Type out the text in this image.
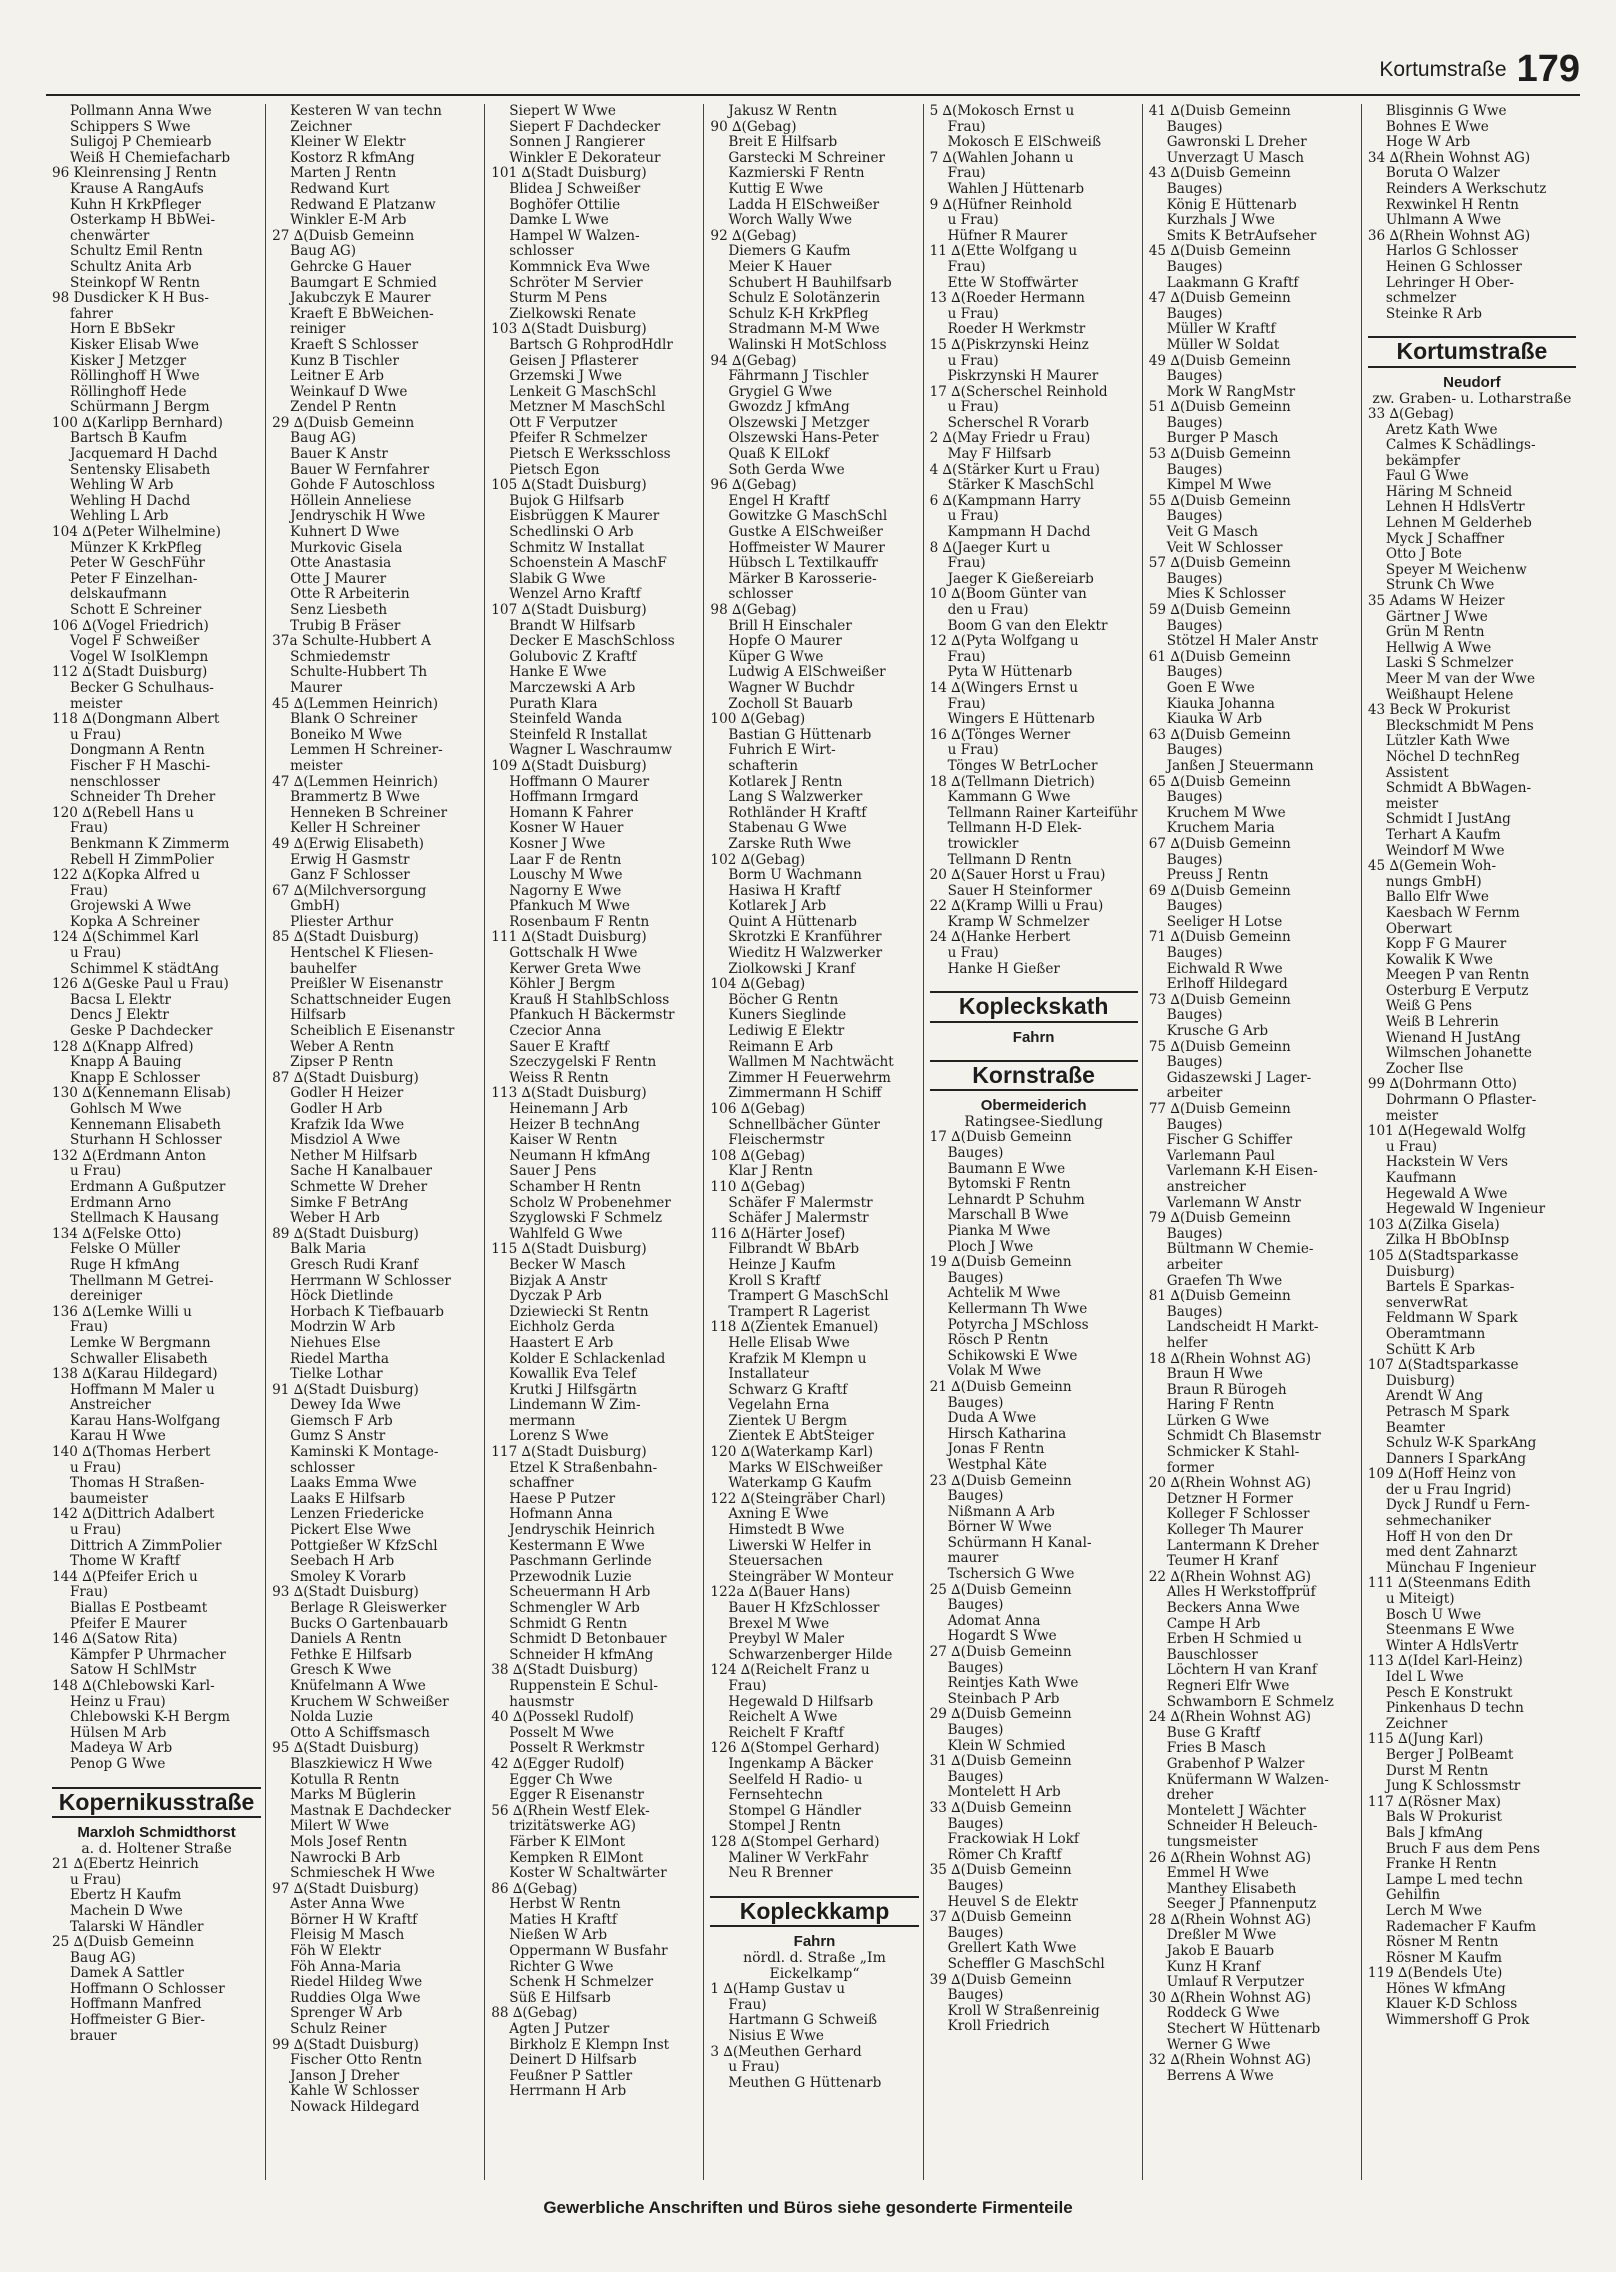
Kortumstraße 179
Pollmann Anna Wwe
Schippers S Wwe
Suligoj P Chemiearb
Weiß H Chemiefacharb
96 Kleinrensing J Rentn
Krause A RangAufs
Kuhn H KrkPfleger
Osterkamp H BbWei-
chenwärter
Schultz Emil Rentn
Schultz Anita Arb
Steinkopf W Rentn
98 Dusdicker K H Bus-
fahrer
Horn E BbSekr
Kisker Elisab Wwe
Kisker J Metzger
Röllinghoff H Wwe
Röllinghoff Hede
Schürmann J Bergm
100 ∆(Karlipp Bernhard)
Bartsch B Kaufm
Jacquemard H Dachd
Sentensky Elisabeth
Wehling W Arb
Wehling H Dachd
Wehling L Arb
104 ∆(Peter Wilhelmine)
Münzer K KrkPfleg
Peter W GeschFühr
Peter F Einzelhan-
delskaufmann
Schott E Schreiner
106 ∆(Vogel Friedrich)
Vogel F Schweißer
Vogel W IsolKlempn
112 ∆(Stadt Duisburg)
Becker G Schulhaus-
meister
118 ∆(Dongmann Albert
u Frau)
Dongmann A Rentn
Fischer F H Maschi-
nenschlosser
Schneider Th Dreher
120 ∆(Rebell Hans u
Frau)
Benkmann K Zimmerm
Rebell H ZimmPolier
122 ∆(Kopka Alfred u
Frau)
Grojewski A Wwe
Kopka A Schreiner
124 ∆(Schimmel Karl
u Frau)
Schimmel K städtAng
126 ∆(Geske Paul u Frau)
Bacsa L Elektr
Dencs J Elektr
Geske P Dachdecker
128 ∆(Knapp Alfred)
Knapp A Bauing
Knapp E Schlosser
130 ∆(Kennemann Elisab)
Gohlsch M Wwe
Kennemann Elisabeth
Sturhann H Schlosser
132 ∆(Erdmann Anton
u Frau)
Erdmann A Gußputzer
Erdmann Arno
Stellmach K Hausang
134 ∆(Felske Otto)
Felske O Müller
Ruge H kfmAng
Thellmann M Getrei-
dereiniger
136 ∆(Lemke Willi u
Frau)
Lemke W Bergmann
Schwaller Elisabeth
138 ∆(Karau Hildegard)
Hoffmann M Maler u
Anstreicher
Karau Hans-Wolfgang
Karau H Wwe
140 ∆(Thomas Herbert
u Frau)
Thomas H Straßen-
baumeister
142 ∆(Dittrich Adalbert
u Frau)
Dittrich A ZimmPolier
Thome W Kraftf
144 ∆(Pfeifer Erich u
Frau)
Biallas E Postbeamt
Pfeifer E Maurer
146 ∆(Satow Rita)
Kämpfer P Uhrmacher
Satow H SchlMstr
148 ∆(Chlebowski Karl-
Heinz u Frau)
Chlebowski K-H Bergm
Hülsen M Arb
Madeya W Arb
Penop G Wwe
Kopernikusstraße
Marxloh Schmidthorst
a. d. Holtener Straße
21 ∆(Ebertz Heinrich
u Frau)
Ebertz H Kaufm
Machein D Wwe
Talarski W Händler
25 ∆(Duisb Gemeinn
Baug AG)
Damek A Sattler
Hoffmann O Schlosser
Hoffmann Manfred
Hoffmeister G Bier-
brauer
Kesteren W van techn
Zeichner
Kleiner W Elektr
Kostorz R kfmAng
Marten J Rentn
Redwand Kurt
Redwand E Platzanw
Winkler E-M Arb
27 ∆(Duisb Gemeinn
Baug AG)
Gehrcke G Hauer
Baumgart E Schmied
Jakubczyk E Maurer
Kraeft E BbWeichen-
reiniger
Kraeft S Schlosser
Kunz B Tischler
Leitner E Arb
Weinkauf D Wwe
Zendel P Rentn
29 ∆(Duisb Gemeinn
Baug AG)
Bauer K Anstr
Bauer W Fernfahrer
Gohde F Autoschloss
Höllein Anneliese
Jendryschik H Wwe
Kuhnert D Wwe
Murkovic Gisela
Otte Anastasia
Otte J Maurer
Otte R Arbeiterin
Senz Liesbeth
Trubig B Fräser
37a Schulte-Hubbert A
Schmiedemstr
Schulte-Hubbert Th
Maurer
45 ∆(Lemmen Heinrich)
Blank O Schreiner
Boneiko M Wwe
Lemmen H Schreiner-
meister
47 ∆(Lemmen Heinrich)
Brammertz B Wwe
Henneken B Schreiner
Keller H Schreiner
49 ∆(Erwig Elisabeth)
Erwig H Gasmstr
Ganz F Schlosser
67 ∆(Milchversorgung
GmbH)
Pliester Arthur
85 ∆(Stadt Duisburg)
Hentschel K Fliesen-
bauhelfer
Preißler W Eisenanstr
Schattschneider Eugen
Hilfsarb
Scheiblich E Eisenanstr
Weber A Rentn
Zipser P Rentn
87 ∆(Stadt Duisburg)
Godler H Heizer
Godler H Arb
Krafzik Ida Wwe
Misdziol A Wwe
Nether M Hilfsarb
Sache H Kanalbauer
Schmette W Dreher
Simke F BetrAng
Weber H Arb
89 ∆(Stadt Duisburg)
Balk Maria
Gresch Rudi Kranf
Herrmann W Schlosser
Höck Dietlinde
Horbach K Tiefbauarb
Modrzin W Arb
Niehues Else
Riedel Martha
Tielke Lothar
91 ∆(Stadt Duisburg)
Dewey Ida Wwe
Giemsch F Arb
Gumz S Anstr
Kaminski K Montage-
schlosser
Laaks Emma Wwe
Laaks E Hilfsarb
Lenzen Friedericke
Pickert Else Wwe
Pottgießer W KfzSchl
Seebach H Arb
Smoley K Vorarb
93 ∆(Stadt Duisburg)
Berlage R Gleiswerker
Bucks O Gartenbauarb
Daniels A Rentn
Fethke E Hilfsarb
Gresch K Wwe
Knüfelmann A Wwe
Kruchem W Schweißer
Nolda Luzie
Otto A Schiffsmasch
95 ∆(Stadt Duisburg)
Blaszkiewicz H Wwe
Kotulla R Rentn
Marks M Büglerin
Mastnak E Dachdecker
Milert W Wwe
Mols Josef Rentn
Nawrocki B Arb
Schmieschek H Wwe
97 ∆(Stadt Duisburg)
Aster Anna Wwe
Börner H W Kraftf
Fleisig M Masch
Föh W Elektr
Föh Anna-Maria
Riedel Hildeg Wwe
Ruddies Olga Wwe
Sprenger W Arb
Schulz Reiner
99 ∆(Stadt Duisburg)
Fischer Otto Rentn
Janson J Dreher
Kahle W Schlosser
Nowack Hildegard
Siepert W Wwe
Siepert F Dachdecker
Sonnen J Rangierer
Winkler E Dekorateur
101 ∆(Stadt Duisburg)
Blidea J Schweißer
Boghöfer Ottilie
Damke L Wwe
Hampel W Walzen-
schlosser
Kommnick Eva Wwe
Schröter M Servier
Sturm M Pens
Zielkowski Renate
103 ∆(Stadt Duisburg)
Bartsch G RohprodHdlr
Geisen J Pflasterer
Grzemski J Wwe
Lenkeit G MaschSchl
Metzner M MaschSchl
Ott F Verputzer
Pfeifer R Schmelzer
Pietsch E Werksschloss
Pietsch Egon
105 ∆(Stadt Duisburg)
Bujok G Hilfsarb
Eisbrüggen K Maurer
Schedlinski O Arb
Schmitz W Installat
Schoenstein A MaschF
Slabik G Wwe
Wenzel Arno Kraftf
107 ∆(Stadt Duisburg)
Brandt W Hilfsarb
Decker E MaschSchloss
Golubovic Z Kraftf
Hanke E Wwe
Marczewski A Arb
Purath Klara
Steinfeld Wanda
Steinfeld R Installat
Wagner L Waschraumw
109 ∆(Stadt Duisburg)
Hoffmann O Maurer
Hoffmann Irmgard
Homann K Fahrer
Kosner W Hauer
Kosner J Wwe
Laar F de Rentn
Louschy M Wwe
Nagorny E Wwe
Pfankuch M Wwe
Rosenbaum F Rentn
111 ∆(Stadt Duisburg)
Gottschalk H Wwe
Kerwer Greta Wwe
Köhler J Bergm
Krauß H StahlbSchloss
Pfankuch H Bäckermstr
Czecior Anna
Sauer E Kraftf
Szeczygelski F Rentn
Weiss R Rentn
113 ∆(Stadt Duisburg)
Heinemann J Arb
Heizer B technAng
Kaiser W Rentn
Neumann H kfmAng
Sauer J Pens
Schamber H Rentn
Scholz W Probenehmer
Szyglowski F Schmelz
Wahlfeld G Wwe
115 ∆(Stadt Duisburg)
Becker W Masch
Bizjak A Anstr
Dyczak P Arb
Dziewiecki St Rentn
Eichholz Gerda
Haastert E Arb
Kolder E Schlackenlad
Kowallik Eva Telef
Krutki J Hilfsgärtn
Lindemann W Zim-
mermann
Lorenz S Wwe
117 ∆(Stadt Duisburg)
Etzel K Straßenbahn-
schaffner
Haese P Putzer
Hofmann Anna
Jendryschik Heinrich
Kestermann E Wwe
Paschmann Gerlinde
Przewodnik Luzie
Scheuermann H Arb
Schmengler W Arb
Schmidt G Rentn
Schmidt D Betonbauer
Schneider H kfmAng
38 ∆(Stadt Duisburg)
Ruppenstein E Schul-
hausmstr
40 ∆(Possekl Rudolf)
Posselt M Wwe
Posselt R Werkmstr
42 ∆(Egger Rudolf)
Egger Ch Wwe
Egger R Eisenanstr
56 ∆(Rhein Westf Elek-
trizitätswerke AG)
Färber K ElMont
Kempken R ElMont
Koster W Schaltwärter
86 ∆(Gebag)
Herbst W Rentn
Maties H Kraftf
Nießen W Arb
Oppermann W Busfahr
Richter G Wwe
Schenk H Schmelzer
Süß E Hilfsarb
88 ∆(Gebag)
Agten J Putzer
Birkholz E Klempn Inst
Deinert D Hilfsarb
Feußner P Sattler
Herrmann H Arb
Jakusz W Rentn
90 ∆(Gebag)
Breit E Hilfsarb
Garstecki M Schreiner
Kazmierski F Rentn
Kuttig E Wwe
Ladda H ElSchweißer
Worch Wally Wwe
92 ∆(Gebag)
Diemers G Kaufm
Meier K Hauer
Schubert H Bauhilfsarb
Schulz E Solotänzerin
Schulz K-H KrkPfleg
Stradmann M-M Wwe
Walinski H MotSchloss
94 ∆(Gebag)
Fährmann J Tischler
Grygiel G Wwe
Gwozdz J kfmAng
Olszewski J Metzger
Olszewski Hans-Peter
Quaß K ElLokf
Soth Gerda Wwe
96 ∆(Gebag)
Engel H Kraftf
Gowitzke G MaschSchl
Gustke A ElSchweißer
Hoffmeister W Maurer
Hübsch L Textilkauffr
Märker B Karosserie-
schlosser
98 ∆(Gebag)
Brill H Einschaler
Hopfe O Maurer
Küper G Wwe
Ludwig A ElSchweißer
Wagner W Buchdr
Zocholl St Bauarb
100 ∆(Gebag)
Bastian G Hüttenarb
Fuhrich E Wirt-
schafterin
Kotlarek J Rentn
Lang S Walzwerker
Rothländer H Kraftf
Stabenau G Wwe
Zarske Ruth Wwe
102 ∆(Gebag)
Borm U Wachmann
Hasiwa H Kraftf
Kotlarek J Arb
Quint A Hüttenarb
Skrotzki E Kranführer
Wieditz H Walzwerker
Ziolkowski J Kranf
104 ∆(Gebag)
Böcher G Rentn
Kuners Sieglinde
Lediwig E Elektr
Reimann E Arb
Wallmen M Nachtwächt
Zimmer H Feuerwehrm
Zimmermann H Schiff
106 ∆(Gebag)
Schnellbächer Günter
Fleischermstr
108 ∆(Gebag)
Klar J Rentn
110 ∆(Gebag)
Schäfer F Malermstr
Schäfer J Malermstr
116 ∆(Härter Josef)
Filbrandt W BbArb
Heinze J Kaufm
Kroll S Kraftf
Trampert G MaschSchl
Trampert R Lagerist
118 ∆(Zientek Emanuel)
Helle Elisab Wwe
Krafzik M Klempn u
Installateur
Schwarz G Kraftf
Vegelahn Erna
Zientek U Bergm
Zientek E AbtSteiger
120 ∆(Waterkamp Karl)
Marks W ElSchweißer
Waterkamp G Kaufm
122 ∆(Steingräber Charl)
Axning E Wwe
Himstedt B Wwe
Liwerski W Helfer in
Steuersachen
Steingräber W Monteur
122a ∆(Bauer Hans)
Bauer H KfzSchlosser
Brexel M Wwe
Preybyl W Maler
Schwarzenberger Hilde
124 ∆(Reichelt Franz u
Frau)
Hegewald D Hilfsarb
Reichelt A Wwe
Reichelt F Kraftf
126 ∆(Stompel Gerhard)
Ingenkamp A Bäcker
Seelfeld H Radio- u
Fernsehtechn
Stompel G Händler
Stompel J Rentn
128 ∆(Stompel Gerhard)
Maliner W VerkFahr
Neu R Brenner
Kopleckkamp
Fahrn
nördl. d. Straße „Im Eickelkamp“
1 ∆(Hamp Gustav u
Frau)
Hartmann G Schweiß
Nisius E Wwe
3 ∆(Meuthen Gerhard
u Frau)
Meuthen G Hüttenarb
5 ∆(Mokosch Ernst u
Frau)
Mokosch E ElSchweiß
7 ∆(Wahlen Johann u
Frau)
Wahlen J Hüttenarb
9 ∆(Hüfner Reinhold
u Frau)
Hüfner R Maurer
11 ∆(Ette Wolfgang u
Frau)
Ette W Stoffwärter
13 ∆(Roeder Hermann
u Frau)
Roeder H Werkmstr
15 ∆(Piskrzynski Heinz
u Frau)
Piskrzynski H Maurer
17 ∆(Scherschel Reinhold
u Frau)
Scherschel R Vorarb
2 ∆(May Friedr u Frau)
May F Hilfsarb
4 ∆(Stärker Kurt u Frau)
Stärker K MaschSchl
6 ∆(Kampmann Harry
u Frau)
Kampmann H Dachd
8 ∆(Jaeger Kurt u
Frau)
Jaeger K Gießereiarb
10 ∆(Boom Günter van
den u Frau)
Boom G van den Elektr
12 ∆(Pyta Wolfgang u
Frau)
Pyta W Hüttenarb
14 ∆(Wingers Ernst u
Frau)
Wingers E Hüttenarb
16 ∆(Tönges Werner
u Frau)
Tönges W BetrLocher
18 ∆(Tellmann Dietrich)
Kammann G Wwe
Tellmann Rainer Karteiführ
Tellmann H-D Elek-
trowickler
Tellmann D Rentn
20 ∆(Sauer Horst u Frau)
Sauer H Steinformer
22 ∆(Kramp Willi u Frau)
Kramp W Schmelzer
24 ∆(Hanke Herbert
u Frau)
Hanke H Gießer
Kopleckskath
Fahrn
Kornstraße
Obermeiderich
Ratingsee-Siedlung
17 ∆(Duisb Gemeinn
Bauges)
Baumann E Wwe
Bytomski F Rentn
Lehnardt P Schuhm
Marschall B Wwe
Pianka M Wwe
Ploch J Wwe
19 ∆(Duisb Gemeinn
Bauges)
Achtelik M Wwe
Kellermann Th Wwe
Potyrcha J MSchloss
Rösch P Rentn
Schikowski E Wwe
Volak M Wwe
21 ∆(Duisb Gemeinn
Bauges)
Duda A Wwe
Hirsch Katharina
Jonas F Rentn
Westphal Käte
23 ∆(Duisb Gemeinn
Bauges)
Nißmann A Arb
Börner W Wwe
Schürmann H Kanal-
maurer
Tschersich G Wwe
25 ∆(Duisb Gemeinn
Bauges)
Adomat Anna
Hogardt S Wwe
27 ∆(Duisb Gemeinn
Bauges)
Reintjes Kath Wwe
Steinbach P Arb
29 ∆(Duisb Gemeinn
Bauges)
Klein W Schmied
31 ∆(Duisb Gemeinn
Bauges)
Montelett H Arb
33 ∆(Duisb Gemeinn
Bauges)
Frackowiak H Lokf
Römer Ch Kraftf
35 ∆(Duisb Gemeinn
Bauges)
Heuvel S de Elektr
37 ∆(Duisb Gemeinn
Bauges)
Grellert Kath Wwe
Scheffler G MaschSchl
39 ∆(Duisb Gemeinn
Bauges)
Kroll W Straßenreinig
Kroll Friedrich
41 ∆(Duisb Gemeinn
Bauges)
Gawronski L Dreher
Unverzagt U Masch
43 ∆(Duisb Gemeinn
Bauges)
König E Hüttenarb
Kurzhals J Wwe
Smits K BetrAufseher
45 ∆(Duisb Gemeinn
Bauges)
Laakmann G Kraftf
47 ∆(Duisb Gemeinn
Bauges)
Müller W Kraftf
Müller W Soldat
49 ∆(Duisb Gemeinn
Bauges)
Mork W RangMstr
51 ∆(Duisb Gemeinn
Bauges)
Burger P Masch
53 ∆(Duisb Gemeinn
Bauges)
Kimpel M Wwe
55 ∆(Duisb Gemeinn
Bauges)
Veit G Masch
Veit W Schlosser
57 ∆(Duisb Gemeinn
Bauges)
Mies K Schlosser
59 ∆(Duisb Gemeinn
Bauges)
Stötzel H Maler Anstr
61 ∆(Duisb Gemeinn
Bauges)
Goen E Wwe
Kiauka Johanna
Kiauka W Arb
63 ∆(Duisb Gemeinn
Bauges)
Janßen J Steuermann
65 ∆(Duisb Gemeinn
Bauges)
Kruchem M Wwe
Kruchem Maria
67 ∆(Duisb Gemeinn
Bauges)
Preuss J Rentn
69 ∆(Duisb Gemeinn
Bauges)
Seeliger H Lotse
71 ∆(Duisb Gemeinn
Bauges)
Eichwald R Wwe
Erlhoff Hildegard
73 ∆(Duisb Gemeinn
Bauges)
Krusche G Arb
75 ∆(Duisb Gemeinn
Bauges)
Gidaszewski J Lager-
arbeiter
77 ∆(Duisb Gemeinn
Bauges)
Fischer G Schiffer
Varlemann Paul
Varlemann K-H Eisen-
anstreicher
Varlemann W Anstr
79 ∆(Duisb Gemeinn
Bauges)
Bültmann W Chemie-
arbeiter
Graefen Th Wwe
81 ∆(Duisb Gemeinn
Bauges)
Landscheidt H Markt-
helfer
18 ∆(Rhein Wohnst AG)
Braun H Wwe
Braun R Bürogeh
Haring F Rentn
Lürken G Wwe
Schmidt Ch Blasemstr
Schmicker K Stahl-
former
20 ∆(Rhein Wohnst AG)
Detzner H Former
Kolleger F Schlosser
Kolleger Th Maurer
Lantermann K Dreher
Teumer H Kranf
22 ∆(Rhein Wohnst AG)
Alles H Werkstoffprüf
Beckers Anna Wwe
Campe H Arb
Erben H Schmied u
Bauschlosser
Löchtern H van Kranf
Regneri Elfr Wwe
Schwamborn E Schmelz
24 ∆(Rhein Wohnst AG)
Buse G Kraftf
Fries B Masch
Grabenhof P Walzer
Knüfermann W Walzen-
dreher
Montelett J Wächter
Schneider H Beleuch-
tungsmeister
26 ∆(Rhein Wohnst AG)
Emmel H Wwe
Manthey Elisabeth
Seeger J Pfannenputz
28 ∆(Rhein Wohnst AG)
Dreßler M Wwe
Jakob E Bauarb
Kunz H Kranf
Umlauf R Verputzer
30 ∆(Rhein Wohnst AG)
Roddeck G Wwe
Stechert W Hüttenarb
Werner G Wwe
32 ∆(Rhein Wohnst AG)
Berrens A Wwe
Blisginnis G Wwe
Bohnes E Wwe
Hoge W Arb
34 ∆(Rhein Wohnst AG)
Boruta O Walzer
Reinders A Werkschutz
Rexwinkel H Rentn
Uhlmann A Wwe
36 ∆(Rhein Wohnst AG)
Harlos G Schlosser
Heinen G Schlosser
Lehringer H Ober-
schmelzer
Steinke R Arb
Kortumstraße
Neudorf
zw. Graben- u. Lotharstraße
33 ∆(Gebag)
Aretz Kath Wwe
Calmes K Schädlings-
bekämpfer
Faul G Wwe
Häring M Schneid
Lehnen H HdlsVertr
Lehnen M Gelderheb
Myck J Schaffner
Otto J Bote
Speyer M Weichenw
Strunk Ch Wwe
35 Adams W Heizer
Gärtner J Wwe
Grün M Rentn
Hellwig A Wwe
Laski S Schmelzer
Meer M van der Wwe
Weißhaupt Helene
43 Beck W Prokurist
Bleckschmidt M Pens
Lützler Kath Wwe
Nöchel D technReg
Assistent
Schmidt A BbWagen-
meister
Schmidt I JustAng
Terhart A Kaufm
Weindorf M Wwe
45 ∆(Gemein Woh-
nungs GmbH)
Ballo Elfr Wwe
Kaesbach W Fernm
Oberwart
Kopp F G Maurer
Kowalik K Wwe
Meegen P van Rentn
Osterburg E Verputz
Weiß G Pens
Weiß B Lehrerin
Wienand H JustAng
Wilmschen Johanette
Zocher Ilse
99 ∆(Dohrmann Otto)
Dohrmann O Pflaster-
meister
101 ∆(Hegewald Wolfg
u Frau)
Hackstein W Vers
Kaufmann
Hegewald A Wwe
Hegewald W Ingenieur
103 ∆(Zilka Gisela)
Zilka H BbObInsp
105 ∆(Stadtsparkasse
Duisburg)
Bartels E Sparkas-
senverwRat
Feldmann W Spark
Oberamtmann
Schütt K Arb
107 ∆(Stadtsparkasse
Duisburg)
Arendt W Ang
Petrasch M Spark
Beamter
Schulz W-K SparkAng
Danners I SparkAng
109 ∆(Hoff Heinz von
der u Frau Ingrid)
Dyck J Rundf u Fern-
sehmechaniker
Hoff H von den Dr
med dent Zahnarzt
Münchau F Ingenieur
111 ∆(Steenmans Edith
u Miteigt)
Bosch U Wwe
Steenmans E Wwe
Winter A HdlsVertr
113 ∆(Idel Karl-Heinz)
Idel L Wwe
Pesch E Konstrukt
Pinkenhaus D techn
Zeichner
115 ∆(Jung Karl)
Berger J PolBeamt
Durst M Rentn
Jung K Schlossmstr
117 ∆(Rösner Max)
Bals W Prokurist
Bals J kfmAng
Bruch F aus dem Pens
Franke H Rentn
Lampe L med techn
Gehilfin
Lerch M Wwe
Rademacher F Kaufm
Rösner M Rentn
Rösner M Kaufm
119 ∆(Bendels Ute)
Hönes W kfmAng
Klauer K-D Schloss
Wimmershoff G Prok
Gewerbliche Anschriften und Büros siehe gesonderte Firmenteile
